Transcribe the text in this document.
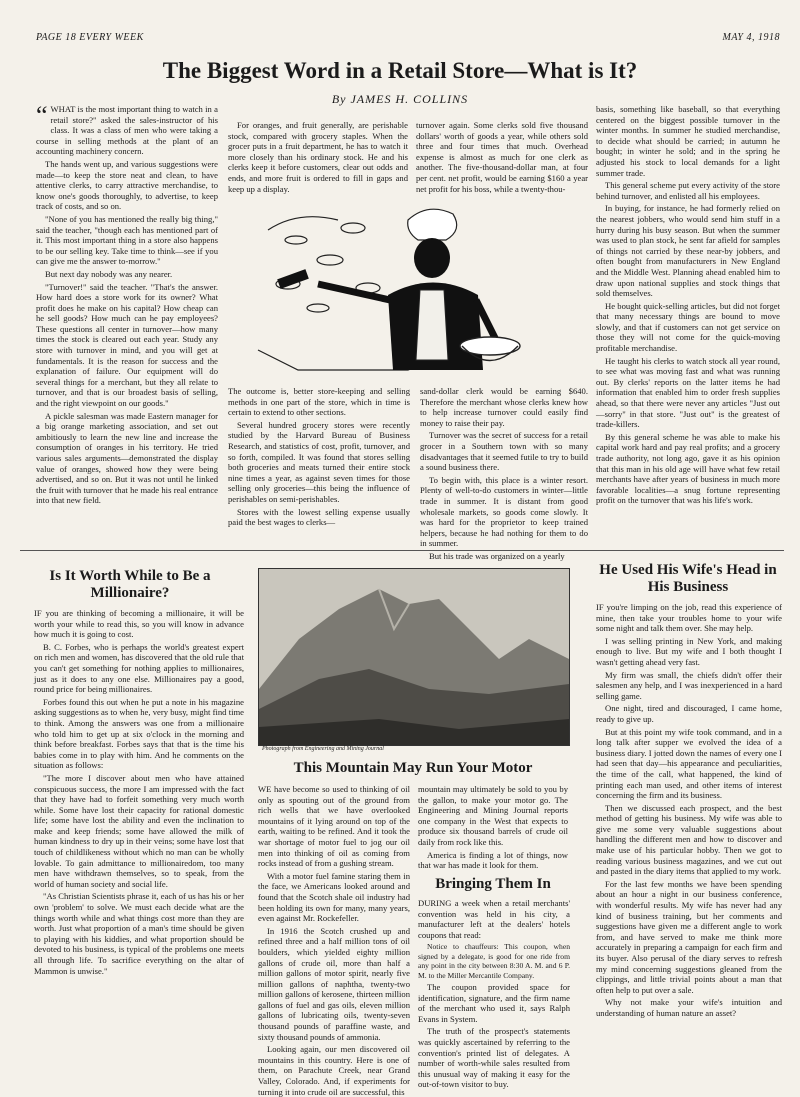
PAGE 18 EVERY WEEK	MAY 4, 1918
The Biggest Word in a Retail Store—What is It?
By JAMES H. COLLINS

“ WHAT is the most important thing to watch in a retail store?" asked the sales-instructor of his class. It was a class of men who were taking a course in selling methods at the plant of an accounting machinery concern.

The hands went up, and various suggestions were made—to keep the store neat and clean, to have attentive clerks, to carry attractive merchandise, to know one's goods thoroughly, to advertise, to keep track of costs, and so on.

"None of you has mentioned the really big thing," said the teacher, "though each has mentioned part of it. This most important thing in a store also happens to be our selling key. Take time to think—see if you can give me the answer to-morrow."

But next day nobody was any nearer.

"Turnover!" said the teacher. "That's the answer. How hard does a store work for its owner? What profit does he make on his capital? How cheap can he sell goods? How much can he pay employees? These questions all center in turnover—how many times the stock is cleared out each year. Study any store with turnover in mind, and you will get at fundamentals. It is the reason for success and the explanation of failure. Our equipment will do several things for a merchant, but they all relate to turnover, and that is our broadest basis of selling, and the right viewpoint on our goods."

A pickle salesman was made Eastern manager for a big orange marketing association, and set out ambitiously to learn the new line and increase the consumption of oranges in his territory. He tried various sales arguments—demonstrated the display value of oranges, showed how they were being advertised, and so on. But it was not until he linked the fruit with turnover that he made his real entrance into that new field.

For oranges, and fruit generally, are perishable stock, compared with grocery staples. When the grocer puts in a fruit department, he has to watch it more closely than his ordinary stock. He and his clerks keep it before customers, clear out odds and ends, and more fruit is ordered to fill in gaps and keep up a display.

turnover again. Some clerks sold five thousand dollars' worth of goods a year, while others sold three and four times that much. Overhead expense is almost as much for one clerk as another. The five-thousand-dollar man, at four per cent. net profit, would be earning $160 a year net profit for his boss, while a twenty-thou-

The outcome is, better store-keeping and selling methods in one part of the store, which in time is certain to extend to other sections.

Several hundred grocery stores were recently studied by the Harvard Bureau of Business Research, and statistics of cost, profit, turnover, and so forth, compiled. It was found that stores selling both groceries and meats turned their entire stock nine times a year, as against seven times for those selling only groceries—this being the influence of perishables on semi-perishables.

Stores with the lowest selling expense usually paid the best wages to clerks—

sand-dollar clerk would be earning $640. Therefore the merchant whose clerks knew how to help increase turnover could easily find money to raise their pay.

Turnover was the secret of success for a retail grocer in a Southern town with so many disadvantages that it seemed futile to try to build a sound business there.

To begin with, this place is a winter resort. Plenty of well-to-do customers in winter—little trade in summer. It is distant from good wholesale markets, so goods come slowly. It was hard for the proprietor to keep trained helpers, because he had nothing for them to do in summer.

But his trade was organized on a yearly

basis, something like baseball, so that everything centered on the biggest possible turnover in the winter months. In summer he studied merchandise, to decide what should be carried; in autumn he bought; in winter he sold; and in the spring he adjusted his stock to local demands for a light summer trade.

This general scheme put every activity of the store behind turnover, and enlisted all his employees.

In buying, for instance, he had formerly relied on the nearest jobbers, who would send him stuff in a hurry during his busy season. But when the summer was used to plan stock, he sent far afield for samples of things not carried by these near-by jobbers, and often bought from manufacturers in New England and the Middle West. Planning ahead enabled him to draw upon national supplies and stock things that sold themselves.

He bought quick-selling articles, but did not forget that many necessary things are bound to move slowly, and that if customers can not get service on those they will not come for the quick-moving profitable merchandise.

He taught his clerks to watch stock all year round, to see what was moving fast and what was running out. By clerks' reports on the latter items he had information that enabled him to order fresh supplies ahead, so that there were never any articles "Just out—sorry" in that store. "Just out" is the greatest of trade-killers.

By this general scheme he was able to make his capital work hard and pay real profits; and a grocery trade authority, not long ago, gave it as his opinion that this man in his old age will have what few retail merchants have after years of business in much more favorable localities—a snug fortune representing profit on the turnover that was his life's work.

Is It Worth While to Be a Millionaire?

IF you are thinking of becoming a millionaire, it will be worth your while to read this, so you will know in advance how much it is going to cost.

B. C. Forbes, who is perhaps the world's greatest expert on rich men and women, has discovered that the old rule that you can't get something for nothing applies to millionaires, just as it does to any one else. Millionaires pay a good, round price for being millionaires.

Forbes found this out when he put a note in his magazine asking suggestions as to when he, very busy, might find time to think. Among the answers was one from a millionaire who told him to get up at six o'clock in the morning and think before breakfast. Forbes says that that is the time his babies come in to play with him. And he comments on the situation as follows:

"The more I discover about men who have attained conspicuous success, the more I am impressed with the fact that they have had to forfeit something very much worth while. Some have lost their capacity for rational domestic life; some have lost the ability and even the inclination to make and keep friends; some have allowed the milk of human kindness to dry up in their veins; some have lost that touch of childlikeness without which no man can be wholly lovable. To gain admittance to millionairedom, too many men have withdrawn themselves, so to speak, from the world of human society and social life.

"As Christian Scientists phrase it, each of us has his or her own 'problem' to solve. We must each decide what are the things worth while and what things cost more than they are worth. Just what proportion of a man's time should be given to playing with his kiddies, and what proportion should be devoted to his business, is typical of the problems one meets all through life. To sacrifice everything on the altar of Mammon is unwise."

Photograph from Engineering and Mining Journal
This Mountain May Run Your Motor

WE have become so used to thinking of oil only as spouting out of the ground from rich wells that we have overlooked mountains of it lying around on top of the earth, waiting to be refined. And it took the war shortage of motor fuel to jog our oil men into thinking of oil as coming from rocks instead of from a gushing stream.

With a motor fuel famine staring them in the face, we Americans looked around and found that the Scotch shale oil industry had been holding its own for many, many years, even against Mr. Rockefeller.

In 1916 the Scotch crushed up and refined three and a half million tons of oil boulders, which yielded eighty million gallons of crude oil, more than half a million gallons of motor spirit, nearly five million gallons of naphtha, twenty-two million gallons of kerosene, thirteen million gallons of fuel and gas oils, eleven million gallons of lubricating oils, twenty-seven thousand pounds of paraffine waste, and sixty thousand pounds of ammonia.

Looking again, our men discovered oil mountains in this country. Here is one of them, on Parachute Creek, near Grand Valley, Colorado. And, if experiments for turning it into crude oil are successful, this

mountain may ultimately be sold to you by the gallon, to make your motor go. The Engineering and Mining Journal reports one company in the West that expects to produce six thousand barrels of crude oil daily from rock like this.

America is finding a lot of things, now that war has made it look for them.

Bringing Them In

DURING a week when a retail merchants' convention was held in his city, a manufacturer left at the dealers' hotels coupons that read:

Notice to chauffeurs: This coupon, when signed by a delegate, is good for one ride from any point in the city between 8:30 A. M. and 6 P. M. to the Miller Mercantile Company.

The coupon provided space for identification, signature, and the firm name of the merchant who used it, says Ralph Evans in System.

The truth of the prospect's statements was quickly ascertained by referring to the convention's printed list of delegates. A number of worth-while sales resulted from this unusual way of making it easy for the out-of-town visitor to buy.

He Used His Wife's Head in His Business

IF you're limping on the job, read this experience of mine, then take your troubles home to your wife some night and talk them over. She may help.

I was selling printing in New York, and making enough to live. But my wife and I both thought I wasn't getting ahead very fast.

My firm was small, the chiefs didn't offer their salesmen any help, and I was inexperienced in a hard selling game.

One night, tired and discouraged, I came home, ready to give up.

But at this point my wife took command, and in a long talk after supper we evolved the idea of a business diary. I jotted down the names of every one I had seen that day—his appearance and peculiarities, the time of the call, what happened, the kind of printing each man used, and other items of interest concerning the firm and its business.

Then we discussed each prospect, and the best method of getting his business. My wife was able to give me some very valuable suggestions about handling the different men and how to discover and make use of his particular hobby. Then we got to reading various business magazines, and we cut out and pasted in the diary items that applied to my work.

For the last few months we have been spending about an hour a night in our business conference, with wonderful results. My wife has never had any kind of business training, but her comments and suggestions have given me a different angle to work from, and have served to make me think more accurately in preparing a campaign for each firm and its buyer. Also perusal of the diary serves to refresh my mind concerning suggestions gleaned from the clippings, and little trivial points about a man that often help to put over a sale.

Why not make your wife's intuition and understanding of human nature an asset?
